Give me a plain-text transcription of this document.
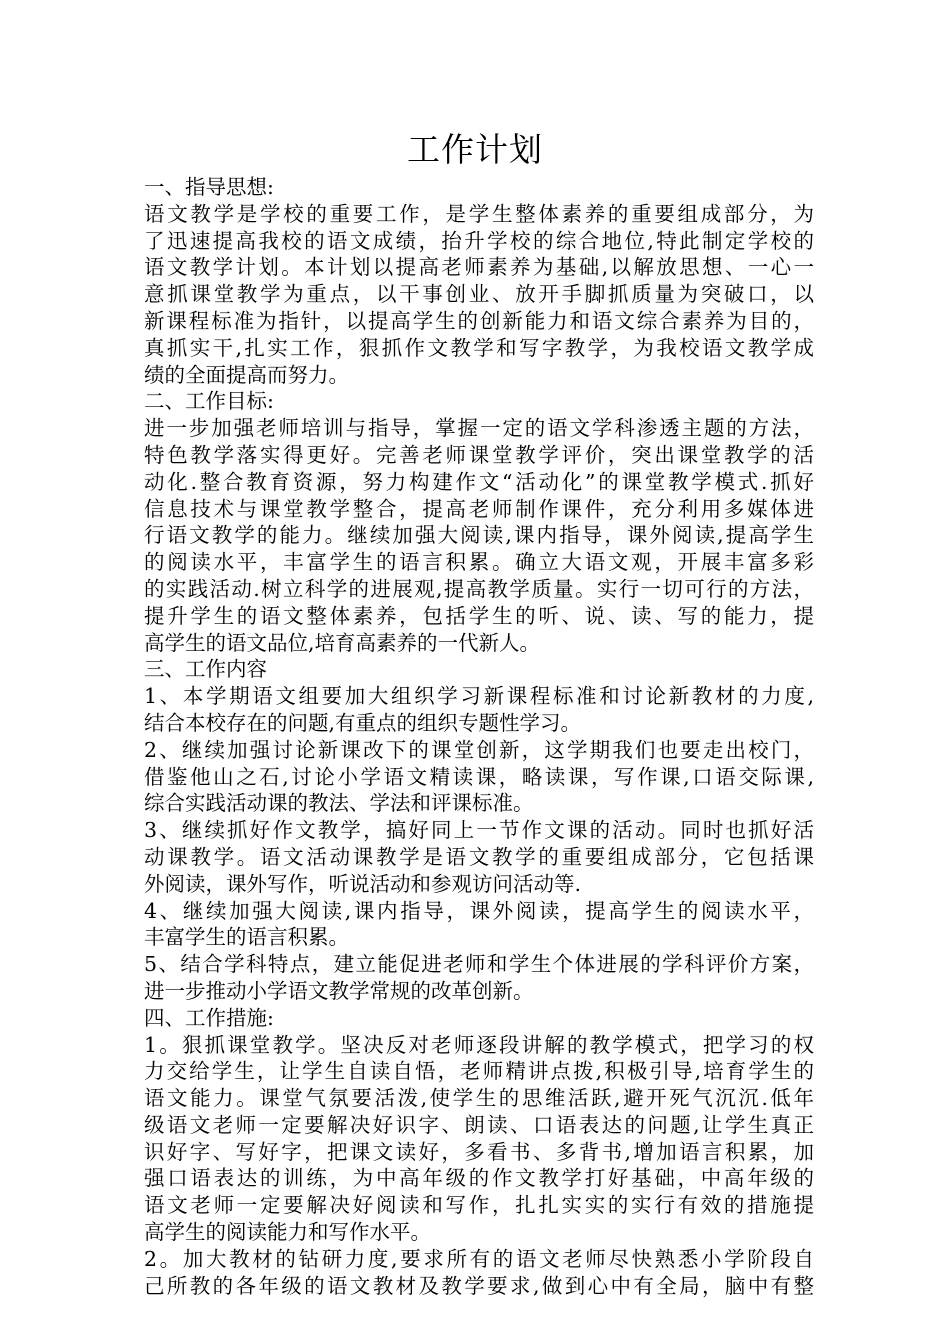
工作计划

一、指导思想:

语文教学是学校的重要工作，是学生整体素养的重要组成部分，为

了迅速提高我校的语文成绩，抬升学校的综合地位,特此制定学校的

语文教学计划。本计划以提高老师素养为基础,以解放思想、一心一

意抓课堂教学为重点，以干事创业、放开手脚抓质量为突破口，以

新课程标准为指针，以提高学生的创新能力和语文综合素养为目的，

真抓实干,扎实工作，狠抓作文教学和写字教学，为我校语文教学成

绩的全面提高而努力。

二、工作目标:

进一步加强老师培训与指导，掌握一定的语文学科渗透主题的方法，

特色教学落实得更好。完善老师课堂教学评价，突出课堂教学的活

动化.整合教育资源，努力构建作文“活动化”的课堂教学模式.抓好

信息技术与课堂教学整合，提高老师制作课件，充分利用多媒体进

行语文教学的能力。继续加强大阅读,课内指导，课外阅读,提高学生

的阅读水平，丰富学生的语言积累。确立大语文观，开展丰富多彩

的实践活动.树立科学的进展观,提高教学质量。实行一切可行的方法，

提升学生的语文整体素养，包括学生的听、说、读、写的能力，提

高学生的语文品位,培育高素养的一代新人。

三、工作内容

1、本学期语文组要加大组织学习新课程标准和讨论新教材的力度,

结合本校存在的问题,有重点的组织专题性学习。

2、继续加强讨论新课改下的课堂创新，这学期我们也要走出校门，

借鉴他山之石,讨论小学语文精读课，略读课，写作课,口语交际课,

综合实践活动课的教法、学法和评课标准。

3、继续抓好作文教学，搞好同上一节作文课的活动。同时也抓好活

动课教学。语文活动课教学是语文教学的重要组成部分，它包括课

外阅读，课外写作，听说活动和参观访问活动等.

4、继续加强大阅读,课内指导，课外阅读，提高学生的阅读水平，

丰富学生的语言积累。

5、结合学科特点，建立能促进老师和学生个体进展的学科评价方案，

进一步推动小学语文教学常规的改革创新。

四、工作措施:

1。狠抓课堂教学。坚决反对老师逐段讲解的教学模式，把学习的权

力交给学生，让学生自读自悟，老师精讲点拨,积极引导,培育学生的

语文能力。课堂气氛要活泼,使学生的思维活跃,避开死气沉沉.低年

级语文老师一定要解决好识字、朗读、口语表达的问题,让学生真正

识好字、写好字，把课文读好，多看书、多背书,增加语言积累，加

强口语表达的训练，为中高年级的作文教学打好基础，中高年级的

语文老师一定要解决好阅读和写作，扎扎实实的实行有效的措施提

高学生的阅读能力和写作水平。

2。加大教材的钻研力度,要求所有的语文老师尽快熟悉小学阶段自

己所教的各年级的语文教材及教学要求,做到心中有全局，脑中有整
